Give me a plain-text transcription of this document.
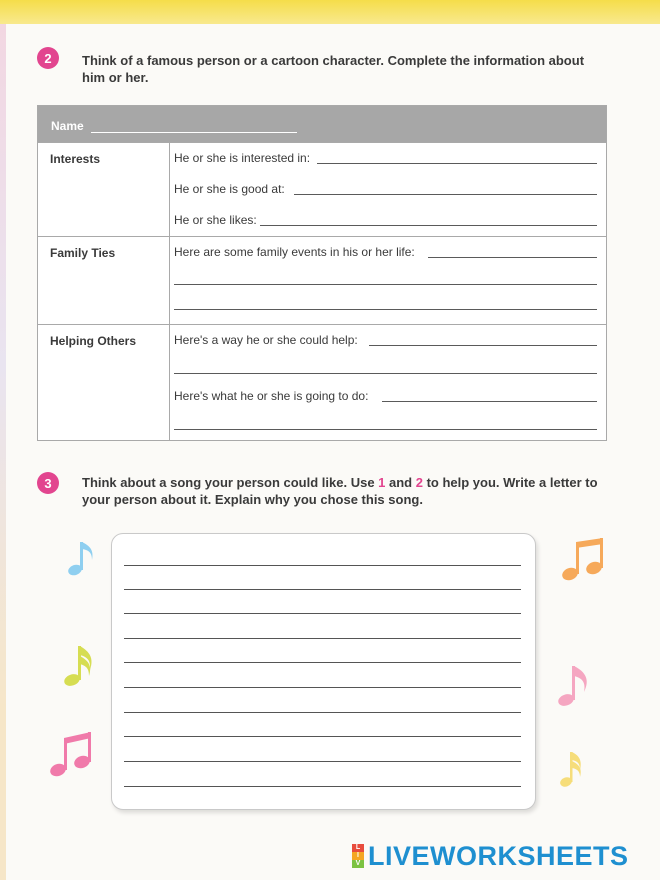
2	Think of a famous person or a cartoon character. Complete the information about him or her.

Name
Interests	He or she is interested in:
He or she is good at:
He or she likes:
Family Ties	Here are some family events in his or her life:
Helping Others	Here's a way he or she could help:
Here's what he or she is going to do:
3	Think about a song your person could like. Use 1 and 2 to help you. Write a letter to your person about it. Explain why you chose this song.

L
I
V LIVEWORKSHEETS
